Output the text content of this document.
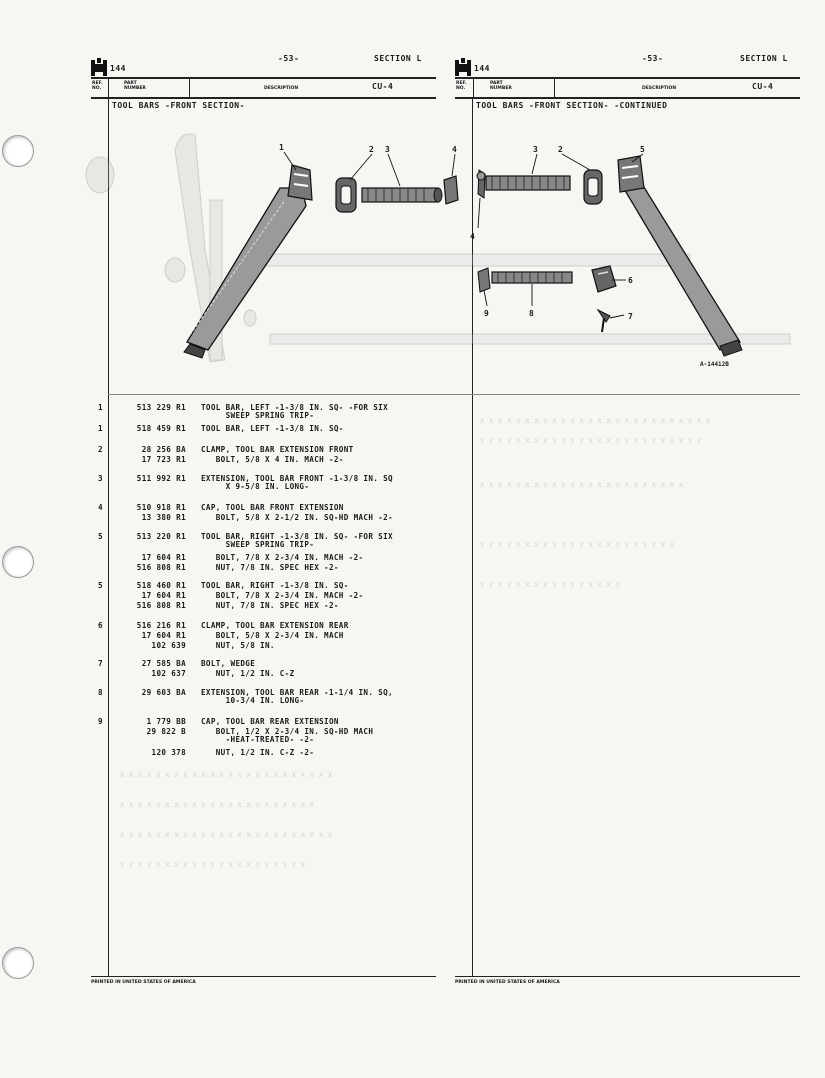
x x x x x x x x x x x x x x x x x x x x x x x x x x
x x x x x x x x x x x x x x x x x x x x x x x x x
x x x x x x x x x x x x x x x x x x x x x x x
x x x x x x x x x x x x x x x x x x x x x x
x x x x x x x x x x x x x x x x
x x x x x x x x x x x x x x x x x x x x x x x x
x x x x x x x x x x x x x x x x x x x x x x
x x x x x x x x x x x x x x x x x x x x x x x x
x x x x x x x x x x x x x x x x x x x x x
144
-53-	SECTION L
REF. NO.
PART NUMBER	DESCRIPTION	CU-4
TOOL BARS -FRONT SECTION-
144
-53-	SECTION L
REF. NO.
PART NUMBER	DESCRIPTION	CU-4
TOOL BARS -FRONT SECTION- -CONTINUED
1	2 3	4
4
3	2	5
6
7
8
9
A-14412B
1	513 229 R1 TOOL BAR, LEFT -1-3/8 IN. SQ- -FOR SIX
SWEEP SPRING TRIP-
1	518 459 R1 TOOL BAR, LEFT -1-3/8 IN. SQ-
2	28 256 BA CLAMP, TOOL BAR EXTENSION FRONT
17 723 R1 BOLT, 5/8 X 4 IN. MACH -2-
3	511 992 R1 EXTENSION, TOOL BAR FRONT -1-3/8 IN. SQ
X 9-5/8 IN. LONG-
4	510 918 R1 CAP, TOOL BAR FRONT EXTENSION
13 380 R1 BOLT, 5/8 X 2-1/2 IN. SQ-HD MACH -2-
5	513 220 R1 TOOL BAR, RIGHT -1-3/8 IN. SQ- -FOR SIX
SWEEP SPRING TRIP-
17 604 R1 BOLT, 7/8 X 2-3/4 IN. MACH -2-
516 808 R1 NUT, 7/8 IN. SPEC HEX -2-
5	518 460 R1 TOOL BAR, RIGHT -1-3/8 IN. SQ-
17 604 R1 BOLT, 7/8 X 2-3/4 IN. MACH -2-
516 808 R1 NUT, 7/8 IN. SPEC HEX -2-
6	516 216 R1 CLAMP, TOOL BAR EXTENSION REAR
17 604 R1 BOLT, 5/8 X 2-3/4 IN. MACH
102 639 NUT, 5/8 IN.
7	27 585 BA BOLT, WEDGE
102 637 NUT, 1/2 IN. C-Z
8	29 603 BA EXTENSION, TOOL BAR REAR -1-1/4 IN. SQ,
10-3/4 IN. LONG-
9	1 779 BB CAP, TOOL BAR REAR EXTENSION
29 822 B	BOLT, 1/2 X 2-3/4 IN. SQ-HD MACH
-HEAT-TREATED- -2-
120 378 NUT, 1/2 IN. C-Z -2-
PRINTED IN UNITED STATES OF AMERICA	PRINTED IN UNITED STATES OF AMERICA
